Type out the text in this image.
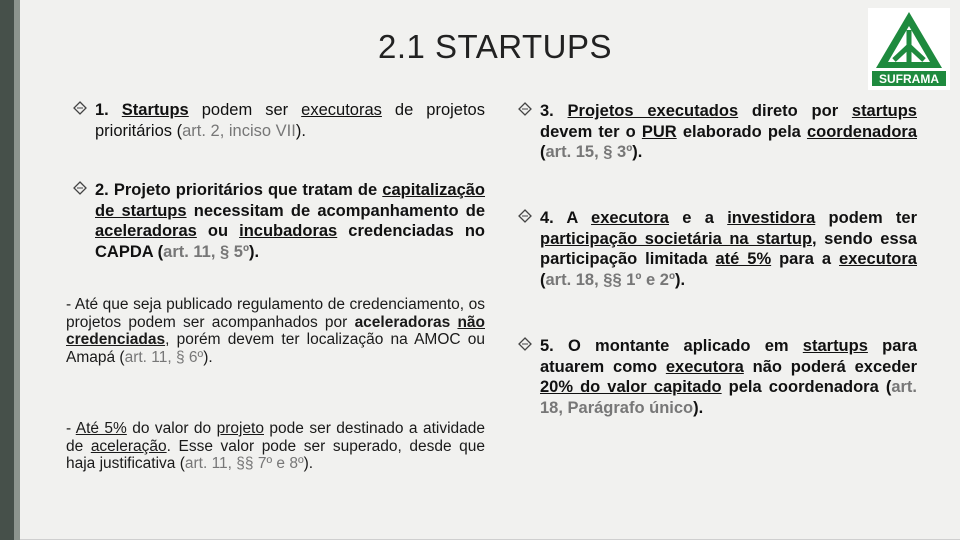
2.1 STARTUPS
SUFRAMA
1. Startups podem ser executoras de projetos prioritários (art. 2, inciso VII).
2. Projeto prioritários que tratam de capitalização de startups necessitam de acompanhamento de aceleradoras ou incubadoras credenciadas no CAPDA (art. 11, § 5º).
- Até que seja publicado regulamento de credenciamento, os projetos podem ser acompanhados por aceleradoras não credenciadas, porém devem ter localização na AMOC ou Amapá (art. 11, § 6º).
- Até 5% do valor do projeto pode ser destinado a atividade de aceleração. Esse valor pode ser superado, desde que haja justificativa (art. 11, §§ 7º e 8º).
3. Projetos executados direto por startups devem ter o PUR elaborado pela coordenadora (art. 15, § 3º).
4. A executora e a investidora podem ter participação societária na startup, sendo essa participação limitada até 5% para a executora (art. 18, §§ 1º e 2º).
5. O montante aplicado em startups para atuarem como executora não poderá exceder 20% do valor capitado pela coordenadora (art. 18, Parágrafo único).
